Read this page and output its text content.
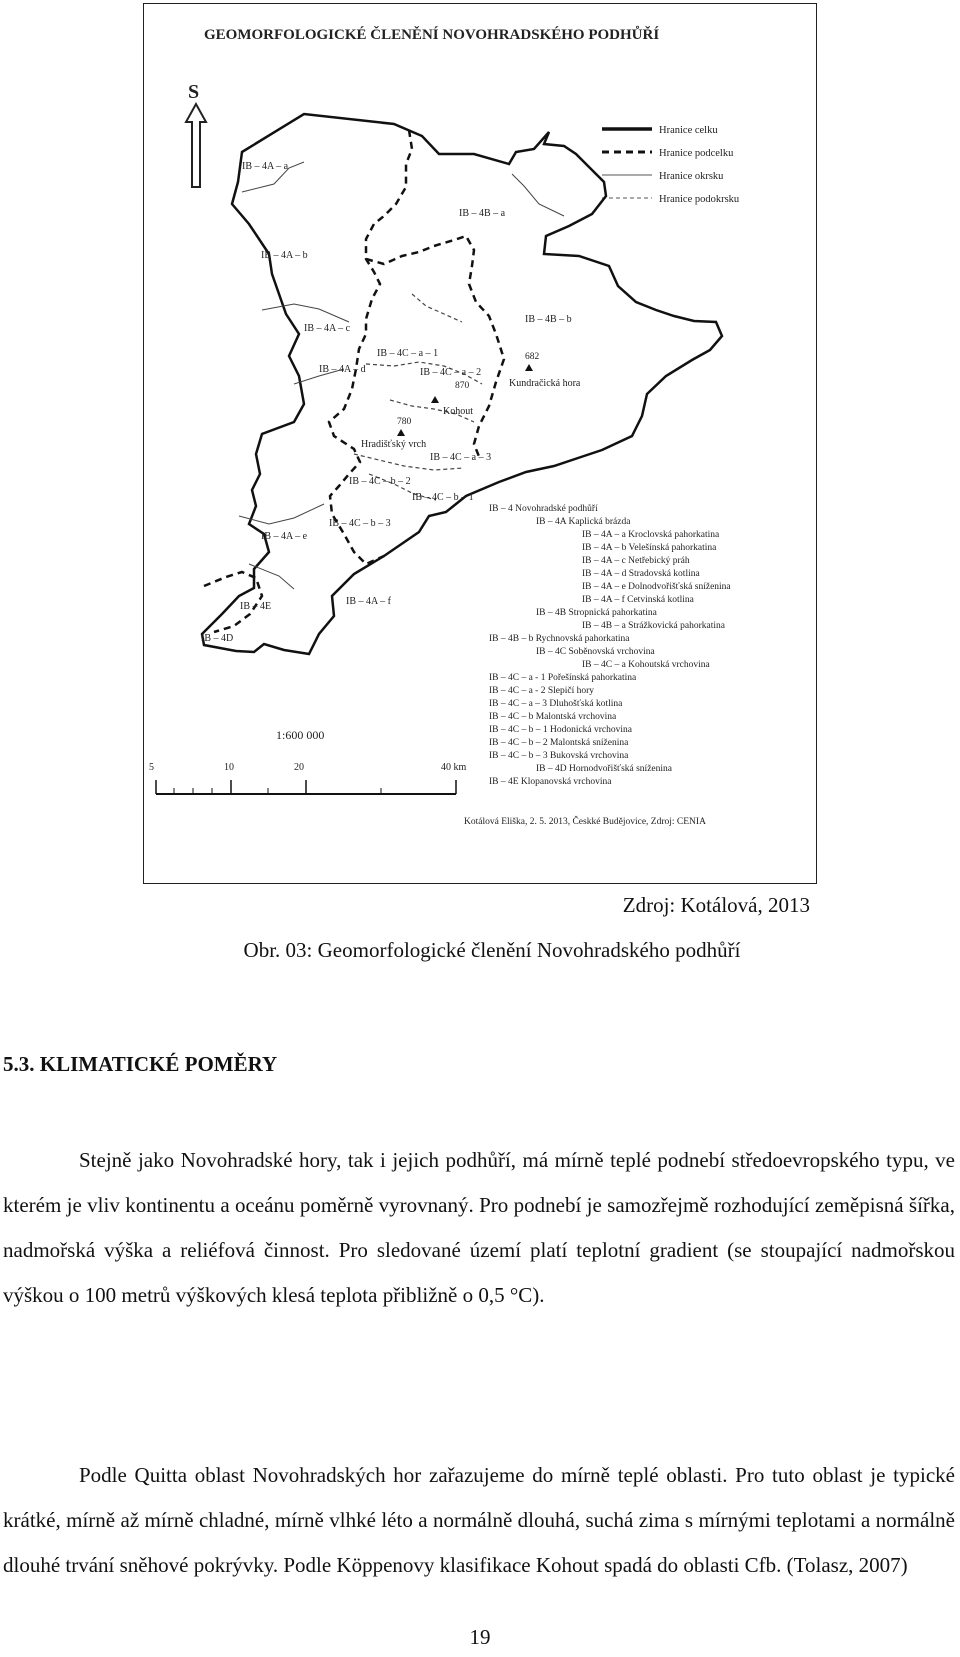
GEOMORFOLOGICKÉ ČLENĚNÍ NOVOHRADSKÉHO PODHŮŘÍ
S
Hranice celku
Hranice podcelku
Hranice okrsku
Hranice podokrsku
IB – 4A – a
IB – 4A – b
IB – 4A – c
IB – 4A – d
IB – 4A – e
IB – 4A – f
IB – 4B – a
IB – 4B – b
IB – 4C – a – 1
IB – 4C – a – 2
IB – 4C – a – 3
IB – 4C – b – 1
IB – 4C – b – 2
IB – 4C – b – 3
IB – 4D
IB – 4E
682
Kundračická hora
870
Kohout
780
Hradišťský vrch
IB – 4 Novohradské podhůří
IB – 4A Kaplická brázda
IB – 4A – a Kroclovská pahorkatina
IB – 4A – b Velešínská pahorkatina
IB – 4A – c Netřebický práh
IB – 4A – d Stradovská kotlina
IB – 4A – e Dolnodvořišťská sníženina
IB – 4A – f Cetvinská kotlina
IB – 4B Stropnická pahorkatina
IB – 4B – a Strážkovická pahorkatina
IB – 4B – b Rychnovská pahorkatina
IB – 4C Soběnovská vrchovina
IB – 4C – a Kohoutská vrchovina
IB – 4C – a - 1 Pořešínská pahorkatina
IB – 4C – a - 2 Slepičí hory
IB – 4C – a – 3 Dluhošťská kotlina
IB – 4C – b Malontská vrchovina
IB – 4C – b – 1 Hodonická vrchovina
IB – 4C – b – 2 Malontská sníženina
IB – 4C – b – 3 Bukovská vrchovina
IB – 4D Hornodvořišťská sníženina
IB – 4E Klopanovská vrchovina
1:600 000
5	10	20	40 km
Kotálová Eliška, 2. 5. 2013, Českké Budějovice, Zdroj: CENIA
Zdroj: Kotálová, 2013
Obr. 03: Geomorfologické členění Novohradského podhůří
5.3. KLIMATICKÉ POMĚRY

Stejně jako Novohradské hory, tak i jejich podhůří, má mírně teplé podnebí středoevropského typu, ve kterém je vliv kontinentu a oceánu poměrně vyrovnaný. Pro podnebí je samozřejmě rozhodující zeměpisná šířka, nadmořská výška a reliéfová činnost. Pro sledované území platí teplotní gradient (se stoupající nadmořskou výškou o 100 metrů výškových klesá teplota přibližně o 0,5 °C).

Podle Quitta oblast Novohradských hor zařazujeme do mírně teplé oblasti. Pro tuto oblast je typické krátké, mírně až mírně chladné, mírně vlhké léto a normálně dlouhá, suchá zima s mírnými teplotami a normálně dlouhé trvání sněhové pokrývky. Podle Köppenovy klasifikace Kohout spadá do oblasti Cfb. (Tolasz, 2007)

19
